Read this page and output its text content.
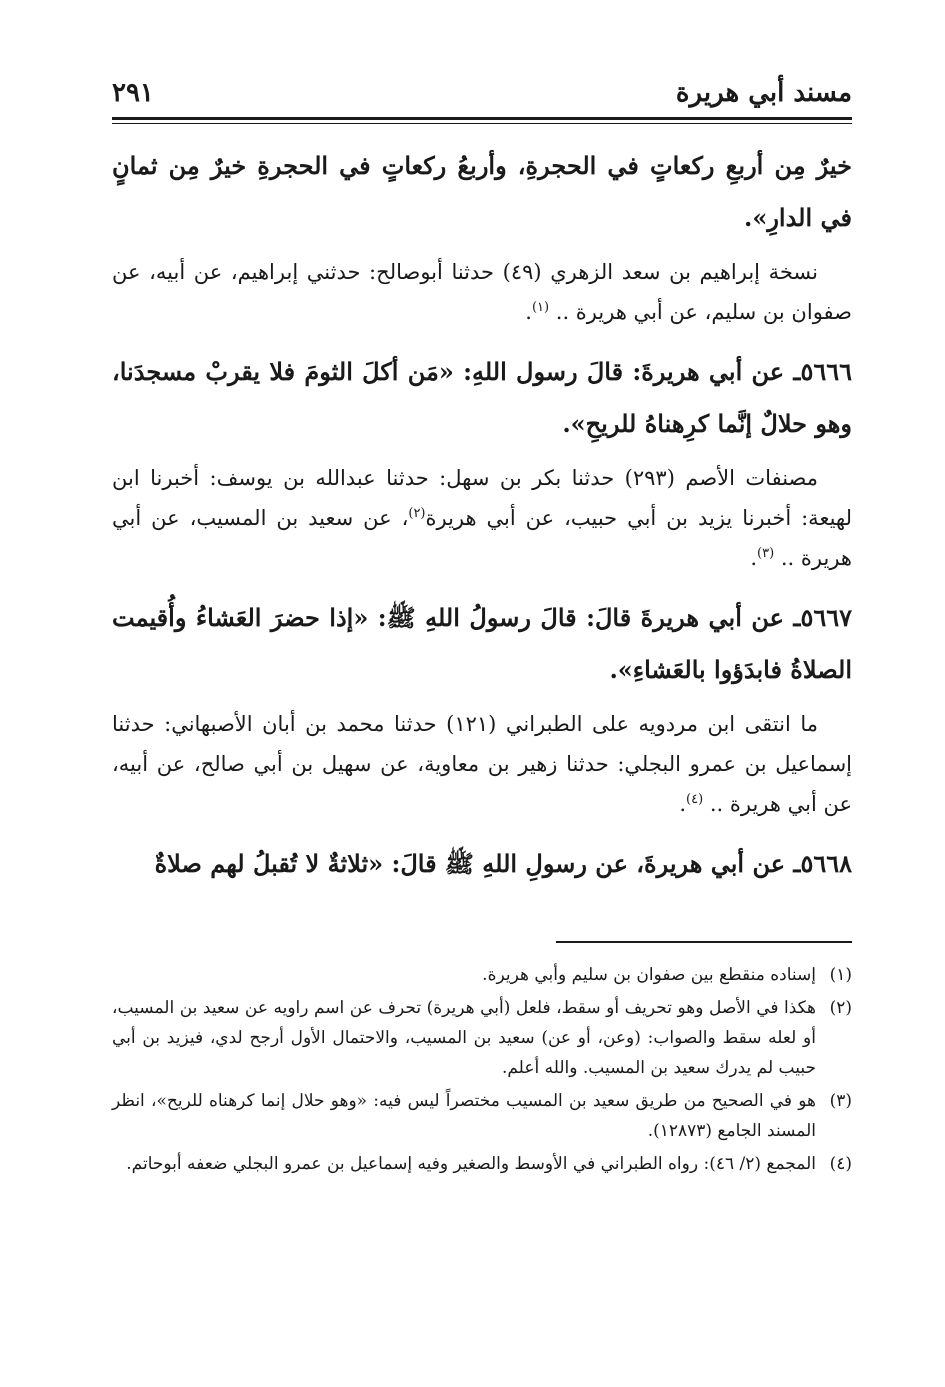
مسند أبي هريرة
٢٩١

خيرٌ مِن أربعِ ركعاتٍ في الحجرةِ، وأربعُ ركعاتٍ في الحجرةِ خيرٌ مِن ثمانٍ في الدارِ».

نسخة إبراهيم بن سعد الزهري (٤٩) حدثنا أبوصالح: حدثني إبراهيم، عن أبيه، عن صفوان بن سليم، عن أبي هريرة .. $^{(١)}$.

٥٦٦٦ـ عن أبي هريرةَ: قالَ رسول اللهِ: «مَن أكلَ الثومَ فلا يقربْ مسجدَنا، وهو حلالٌ إنَّما كرِهناهُ للريحِ».

مصنفات الأصم (٢٩٣) حدثنا بكر بن سهل: حدثنا عبدالله بن يوسف: أخبرنا ابن لهيعة: أخبرنا يزيد بن أبي حبيب، عن أبي هريرة$^{(٢)}$، عن سعيد بن المسيب، عن أبي هريرة .. $^{(٣)}$.

٥٦٦٧ـ عن أبي هريرةَ قالَ: قالَ رسولُ اللهِ ﷺ: «إذا حضرَ العَشاءُ وأُقيمت الصلاةُ فابدَؤوا بالعَشاءِ».

ما انتقى ابن مردويه على الطبراني (١٢١) حدثنا محمد بن أبان الأصبهاني: حدثنا إسماعيل بن عمرو البجلي: حدثنا زهير بن معاوية، عن سهيل بن أبي صالح، عن أبيه، عن أبي هريرة .. $^{(٤)}$.

٥٦٦٨ـ عن أبي هريرةَ، عن رسولِ اللهِ ﷺ قالَ: «ثلاثةٌ لا تُقبلُ لهم صلاةٌ

(١)إسناده منقطع بين صفوان بن سليم وأبي هريرة.

(٢)هكذا في الأصل وهو تحريف أو سقط، فلعل (أبي هريرة) تحرف عن اسم راويه عن سعيد بن المسيب، أو لعله سقط والصواب: (وعن، أو عن) سعيد بن المسيب، والاحتمال الأول أرجح لدي، فيزيد بن أبي حبيب لم يدرك سعيد بن المسيب. والله أعلم.

(٣)هو في الصحيح من طريق سعيد بن المسيب مختصراً ليس فيه: «وهو حلال إنما كرهناه للريح»، انظر المسند الجامع (١٢٨٧٣).

(٤)المجمع (٢/ ٤٦): رواه الطبراني في الأوسط والصغير وفيه إسماعيل بن عمرو البجلي ضعفه أبوحاتم.
